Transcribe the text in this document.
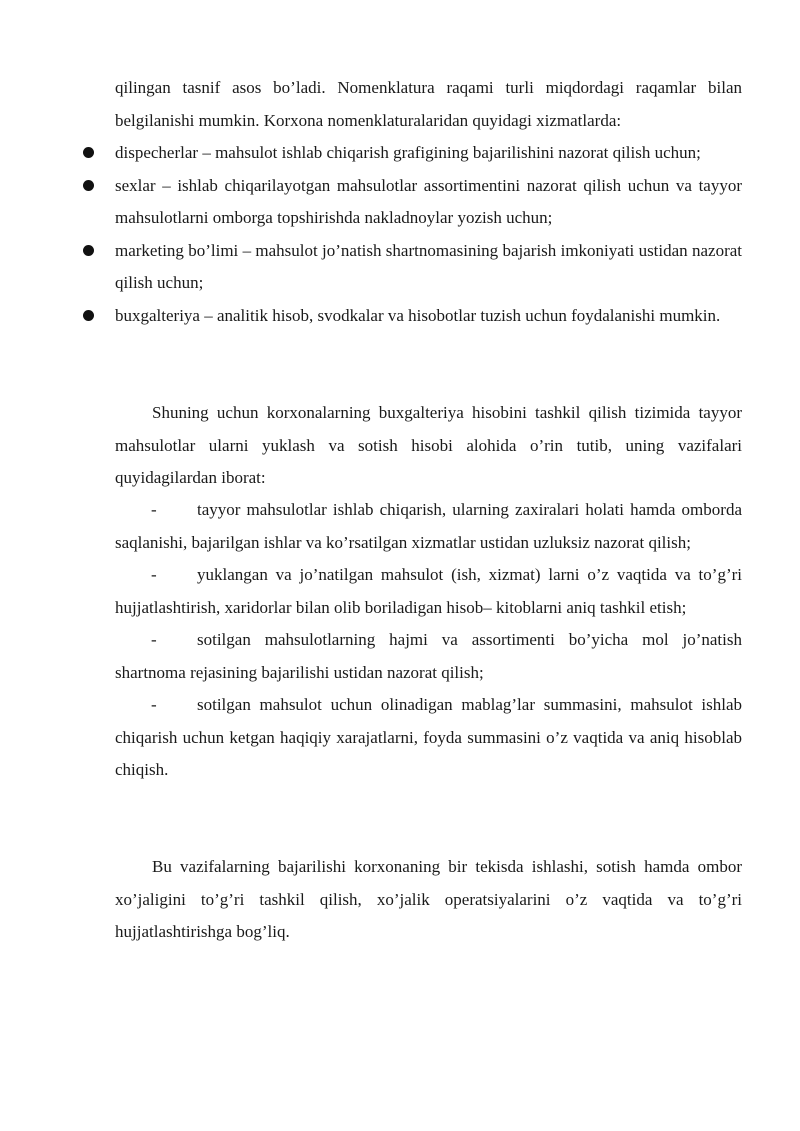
qilingan tasnif asos bo’ladi. Nomenklatura raqami turli miqdordagi raqamlar bilan belgilanishi mumkin. Korxona nomenklaturalaridan quyidagi xizmatlarda:

dispecherlar – mahsulot ishlab chiqarish grafigining bajarilishini nazorat qilish uchun;
sexlar – ishlab chiqarilayotgan mahsulotlar assortimentini nazorat qilish uchun va tayyor mahsulotlarni omborga topshirishda nakladnoylar yozish uchun;
marketing bo’limi – mahsulot jo’natish shartnomasining bajarish imkoniyati ustidan nazorat qilish uchun;
buxgalteriya – analitik hisob, svodkalar va hisobotlar tuzish uchun foydalanishi mumkin.

Shuning uchun korxonalarning buxgalteriya hisobini tashkil qilish tizimida tayyor mahsulotlar ularni yuklash va sotish hisobi alohida o’rin tutib, uning vazifalari quyidagilardan iborat:

- tayyor mahsulotlar ishlab chiqarish, ularning zaxiralari holati hamda omborda saqlanishi, bajarilgan ishlar va ko’rsatilgan xizmatlar ustidan uzluksiz nazorat qilish;
- yuklangan va jo’natilgan mahsulot (ish, xizmat) larni o’z vaqtida va to’g’ri hujjatlashtirish, xaridorlar bilan olib boriladigan hisob– kitoblarni aniq tashkil etish;
- sotilgan mahsulotlarning hajmi va assortimenti bo’yicha mol jo’natish shartnoma rejasining bajarilishi ustidan nazorat qilish;
- sotilgan mahsulot uchun olinadigan mablag’lar summasini, mahsulot ishlab chiqarish uchun ketgan haqiqiy xarajatlarni, foyda summasini o’z vaqtida va aniq hisoblab chiqish.

Bu vazifalarning bajarilishi korxonaning bir tekisda ishlashi, sotish hamda ombor xo’jaligini to’g’ri tashkil qilish, xo’jalik operatsiyalarini o’z vaqtida va to’g’ri hujjatlashtirishga bog’liq.
